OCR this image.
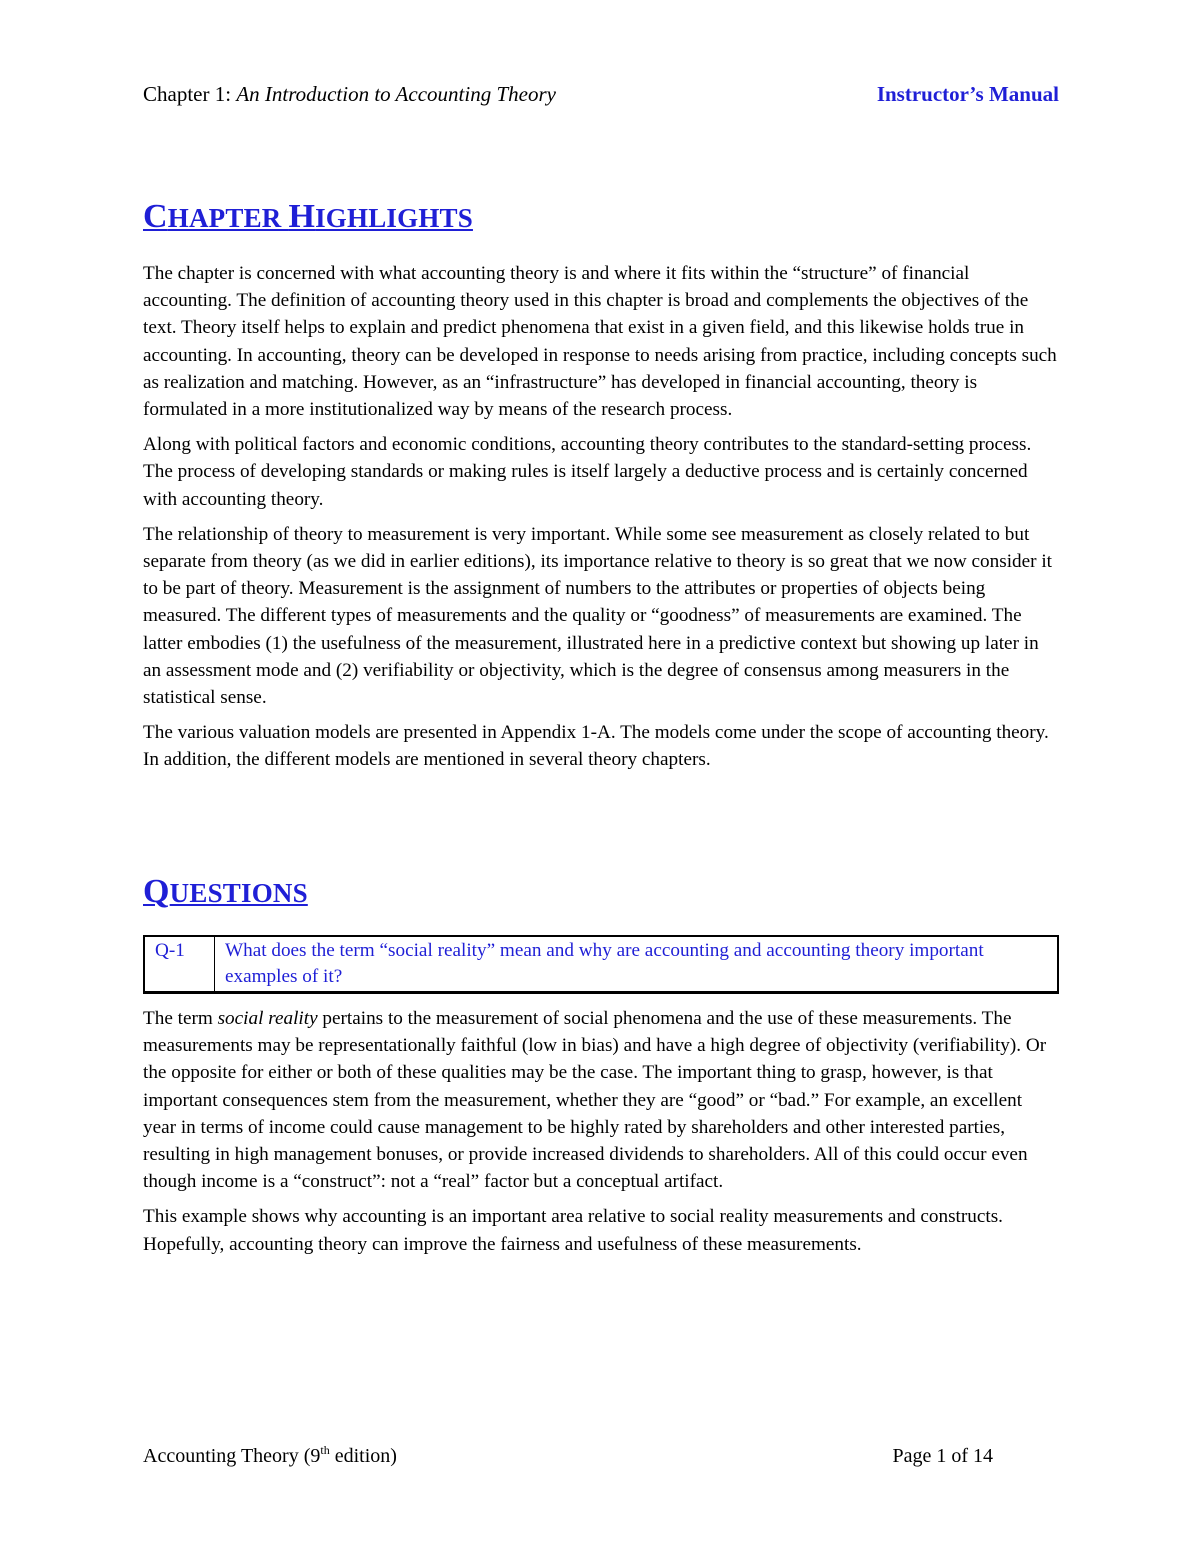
Chapter 1: An Introduction to Accounting Theory	Instructor’s Manual
CHAPTER HIGHLIGHTS

The chapter is concerned with what accounting theory is and where it fits within the “structure” of financial accounting. The definition of accounting theory used in this chapter is broad and complements the objectives of the text. Theory itself helps to explain and predict phenomena that exist in a given field, and this likewise holds true in accounting. In accounting, theory can be developed in response to needs arising from practice, including concepts such as realization and matching. However, as an “infrastructure” has developed in financial accounting, theory is formulated in a more institutionalized way by means of the research process.

Along with political factors and economic conditions, accounting theory contributes to the standard-setting process. The process of developing standards or making rules is itself largely a deductive process and is certainly concerned with accounting theory.

The relationship of theory to measurement is very important. While some see measurement as closely related to but separate from theory (as we did in earlier editions), its importance relative to theory is so great that we now consider it to be part of theory. Measurement is the assignment of numbers to the attributes or properties of objects being measured. The different types of measurements and the quality or “goodness” of measurements are examined. The latter embodies (1) the usefulness of the measurement, illustrated here in a predictive context but showing up later in an assessment mode and (2) verifiability or objectivity, which is the degree of consensus among measurers in the statistical sense.

The various valuation models are presented in Appendix 1-A. The models come under the scope of accounting theory. In addition, the different models are mentioned in several theory chapters.

QUESTIONS
Q-1 What does the term “social reality” mean and why are accounting and accounting theory important examples of it?

The term social reality pertains to the measurement of social phenomena and the use of these measurements. The measurements may be representationally faithful (low in bias) and have a high degree of objectivity (verifiability). Or the opposite for either or both of these qualities may be the case. The important thing to grasp, however, is that important consequences stem from the measurement, whether they are “good” or “bad.” For example, an excellent year in terms of income could cause management to be highly rated by shareholders and other interested parties, resulting in high management bonuses, or provide increased dividends to shareholders. All of this could occur even though income is a “construct”: not a “real” factor but a conceptual artifact.

This example shows why accounting is an important area relative to social reality measurements and constructs. Hopefully, accounting theory can improve the fairness and usefulness of these measurements.

Accounting Theory (9th edition)	Page 1 of 14
